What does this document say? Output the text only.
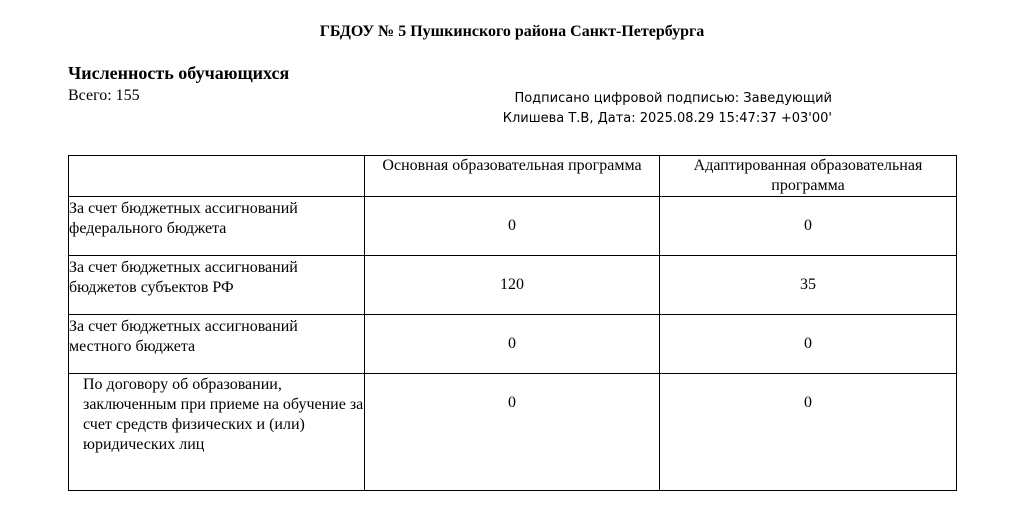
ГБДОУ № 5 Пушкинского района Санкт-Петербурга
Численность обучающихся
Всего: 155	Подписано цифровой подписью: Заведующий
Клишева Т.В, Дата: 2025.08.29 15:47:37 +03'00'
	Основная образовательная программа	Адаптированная образовательная программа
За счет бюджетных ассигнований федерального бюджета	0	0
За счет бюджетных ассигнований бюджетов субъектов РФ	120	35
За счет бюджетных ассигнований местного бюджета	0	0
По договору об образовании, заключенным при приеме на обучение за счет средств физических и (или) юридических лиц	0	0
